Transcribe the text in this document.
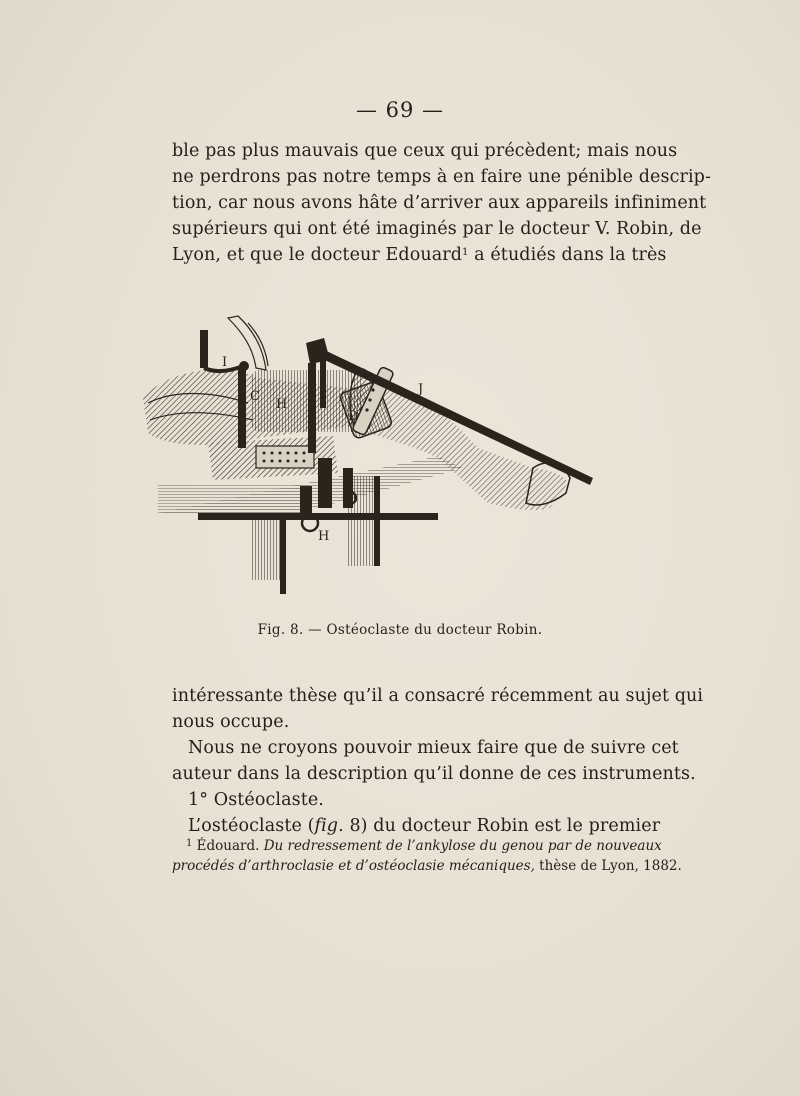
— 69 —
ble pas plus mauvais que ceux qui précèdent; mais nous
ne perdrons pas notre temps à en faire une pénible descrip-
tion, car nous avons hâte d’arriver aux appareils infiniment
supérieurs qui ont été imaginés par le docteur V. Robin, de
Lyon, et que le docteur Edouard$^1$ a étudiés dans la très
I
C
H
D
J
H
Fig. 8. — Ostéoclaste du docteur Robin.
intéressante thèse qu’il a consacré récemment au sujet qui
nous occupe.
Nous ne croyons pouvoir mieux faire que de suivre cet
auteur dans la description qu’il donne de ces instruments.
1° Ostéoclaste.
L’ostéoclaste (fig. 8) du docteur Robin est le premier
$^1$ Édouard. Du redressement de l’ankylose du genou par de nouveaux
procédés d’arthroclasie et d’ostéoclasie mécaniques, thèse de Lyon, 1882.
